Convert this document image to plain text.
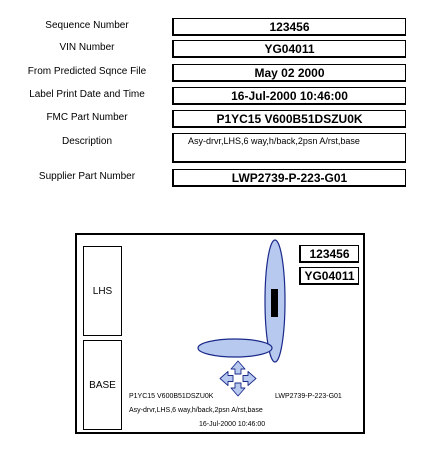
Sequence Number	123456
VIN Number	YG04011
From Predicted Sqnce File	May 02 2000
Label Print Date and Time	16-Jul-2000 10:46:00
FMC Part Number	P1YC15 V600B51DSZU0K
Description	Asy-drvr,LHS,6 way,h/back,2psn A/rst,base
Supplier Part Number	LWP2739-P-223-G01
LHS
BASE
123456
YG04011
P1YC15 V600B51DSZU0K	LWP2739-P-223-G01
Asy-drvr,LHS,6 way,h/back,2psn A/rst,base
16-Jul-2000 10:46:00
